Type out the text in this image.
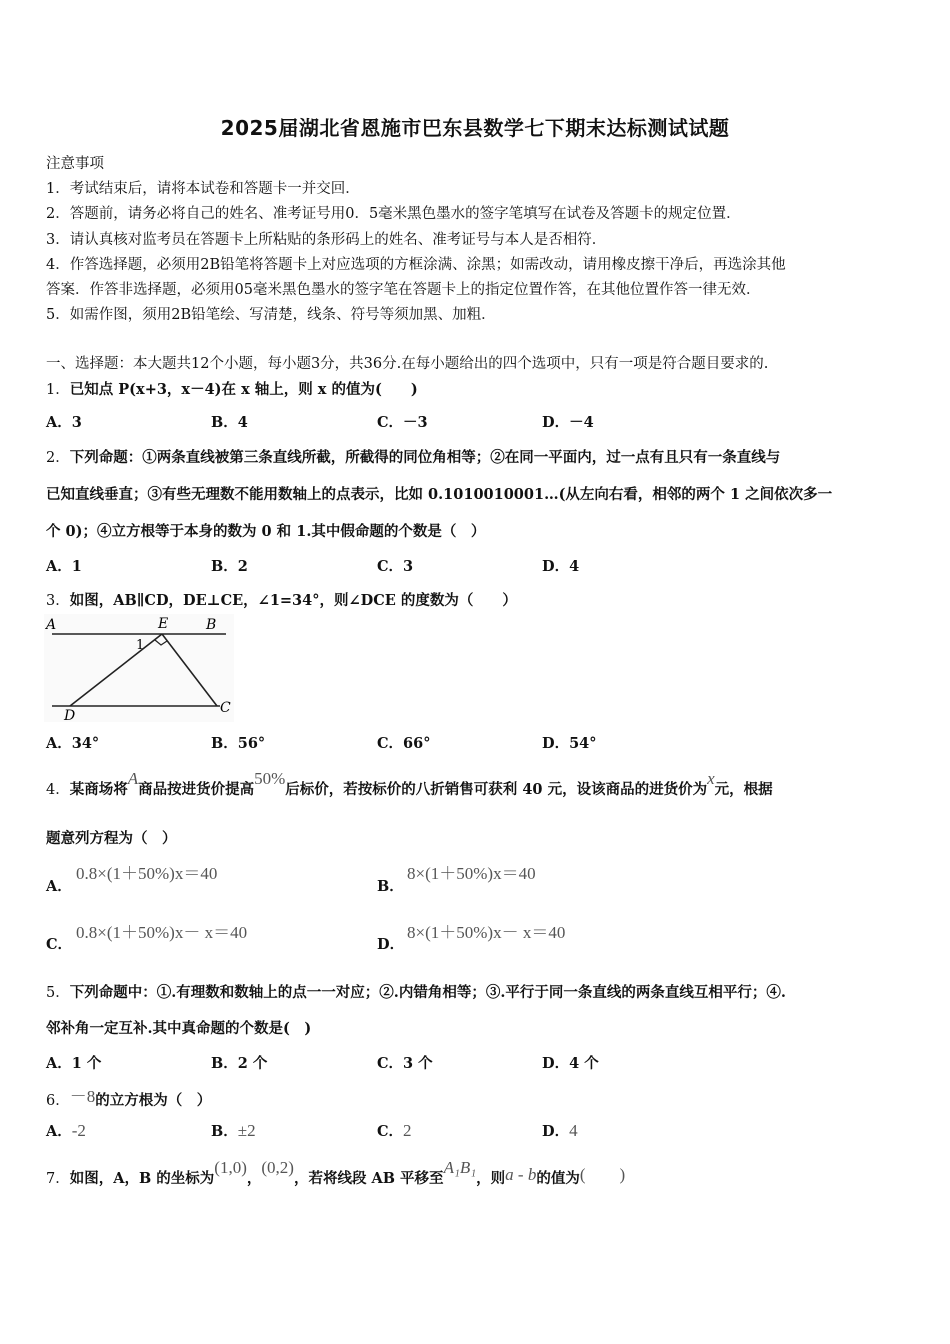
2025届湖北省恩施市巴东县数学七下期末达标测试试题
注意事项
1．考试结束后，请将本试卷和答题卡一并交回．
2．答题前，请务必将自己的姓名、准考证号用0．5毫米黑色墨水的签字笔填写在试卷及答题卡的规定位置．
3．请认真核对监考员在答题卡上所粘贴的条形码上的姓名、准考证号与本人是否相符．
4．作答选择题，必须用2B铅笔将答题卡上对应选项的方框涂满、涂黑；如需改动，请用橡皮擦干净后，再选涂其他
答案．作答非选择题，必须用05毫米黑色墨水的签字笔在答题卡上的指定位置作答，在其他位置作答一律无效．
5．如需作图，须用2B铅笔绘、写清楚，线条、符号等须加黑、加粗．
一、选择题：本大题共12个小题，每小题3分，共36分.在每小题给出的四个选项中，只有一项是符合题目要求的.
1．已知点 P(x+3，x－4)在 x 轴上，则 x 的值为(　　)
A．3	B．4	C．－3	D．－4
2．下列命题：①两条直线被第三条直线所截，所截得的同位角相等；②在同一平面内，过一点有且只有一条直线与
已知直线垂直；③有些无理数不能用数轴上的点表示，比如 0.1010010001…(从左向右看，相邻的两个 1 之间依次多一
个 0)；④立方根等于本身的数为 0 和 1.其中假命题的个数是（　）
A．1	B．2	C．3	D．4
3．如图，AB∥CD，DE⊥CE，∠1=34°，则∠DCE 的度数为（　　）
A	E	B
1
D	C
A．34°	B．56°	C．66°	D．54°
4．某商场将A商品按进货价提高50%后标价，若按标价的八折销售可获利 40 元，设该商品的进货价为x元，根据
题意列方程为（　）
A．
0.8×(1＋50%)x＝40
B．
8×(1＋50%)x＝40
C．
0.8×(1＋50%)x－ x＝40
D．
8×(1＋50%)x－ x＝40
5．下列命题中：①.有理数和数轴上的点一一对应；②.内错角相等；③.平行于同一条直线的两条直线互相平行；④.
邻补角一定互补.其中真命题的个数是(　)
A．1 个	B．2 个	C．3 个	D．4 个
6．－8的立方根为（　）
A．-2	B．±2	C．2	D．4
7．如图，A，B 的坐标为(1,0)，(0,2)，若将线段 AB 平移至A₁B₁，则a - b的值为(　　)
